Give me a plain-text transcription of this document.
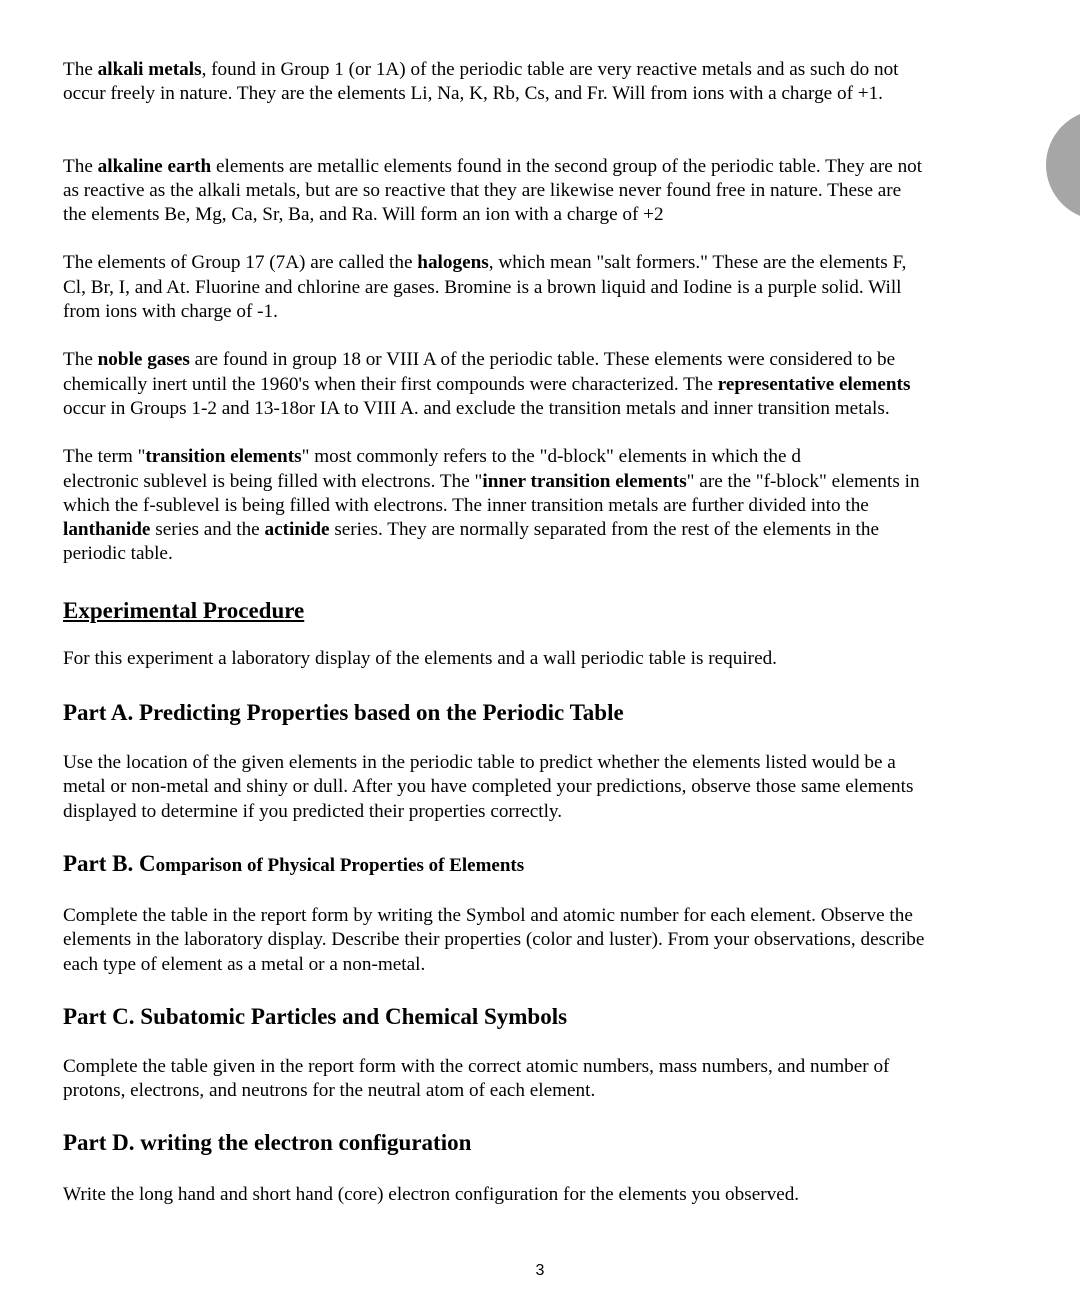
The alkali metals, found in Group 1 (or 1A) of the periodic table are very reactive metals and as such do not
occur freely in nature. They are the elements Li, Na, K, Rb, Cs, and Fr. Will from ions with a charge of +1.

The alkaline earth elements are metallic elements found in the second group of the periodic table. They are not
as reactive as the alkali metals, but are so reactive that they are likewise never found free in nature. These are
the elements Be, Mg, Ca, Sr, Ba, and Ra. Will form an ion with a charge of +2

The elements of Group 17 (7A) are called the halogens, which mean "salt formers." These are the elements F,
Cl, Br, I, and At. Fluorine and chlorine are gases. Bromine is a brown liquid and Iodine is a purple solid. Will
from ions with charge of -1.

The noble gases are found in group 18 or VIII A of the periodic table. These elements were considered to be
chemically inert until the 1960's when their first compounds were characterized. The representative elements
occur in Groups 1-2 and 13-18or IA to VIII A. and exclude the transition metals and inner transition metals.

The term "transition elements" most commonly refers to the "d-block" elements in which the d
electronic sublevel is being filled with electrons. The "inner transition elements" are the "f-block" elements in
which the f-sublevel is being filled with electrons. The inner transition metals are further divided into the
lanthanide series and the actinide series. They are normally separated from the rest of the elements in the
periodic table.

Experimental Procedure

For this experiment a laboratory display of the elements and a wall periodic table is required.

Part A. Predicting Properties based on the Periodic Table

Use the location of the given elements in the periodic table to predict whether the elements listed would be a
metal or non-metal and shiny or dull. After you have completed your predictions, observe those same elements
displayed to determine if you predicted their properties correctly.

Part B. Comparison of Physical Properties of Elements

Complete the table in the report form by writing the Symbol and atomic number for each element. Observe the
elements in the laboratory display. Describe their properties (color and luster). From your observations, describe
each type of element as a metal or a non-metal.

Part C. Subatomic Particles and Chemical Symbols

Complete the table given in the report form with the correct atomic numbers, mass numbers, and number of
protons, electrons, and neutrons for the neutral atom of each element.

Part D. writing the electron configuration

Write the long hand and short hand (core) electron configuration for the elements you observed.

3
